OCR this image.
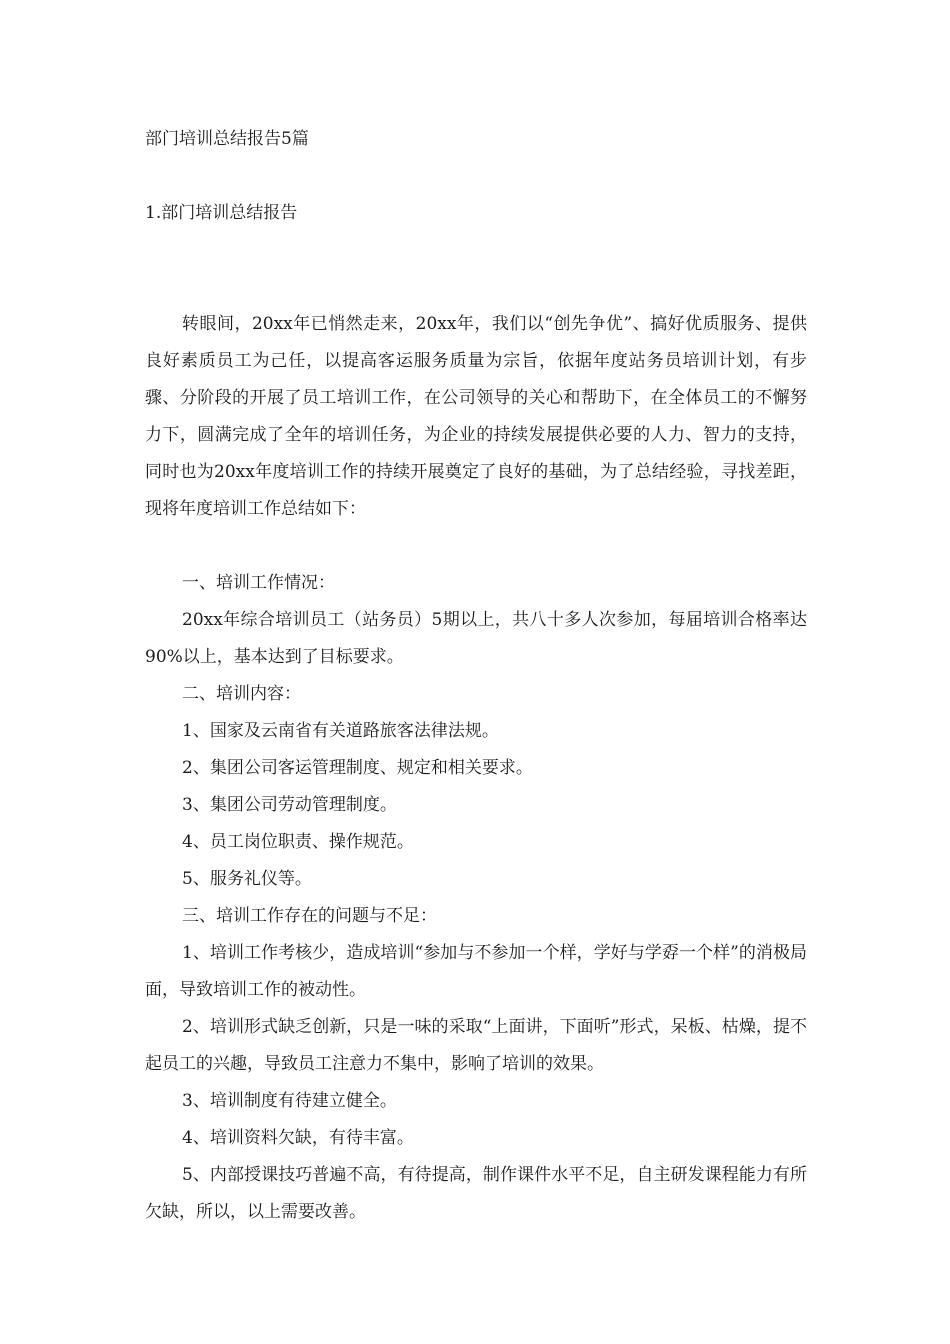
部门培训总结报告5篇
1.部门培训总结报告

转眼间，20xx年已悄然走来，20xx年，我们以“创先争优”、搞好优质服务、提供良好素质员工为己任，以提高客运服务质量为宗旨，依据年度站务员培训计划，有步骤、分阶段的开展了员工培训工作，在公司领导的关心和帮助下，在全体员工的不懈努力下，圆满完成了全年的培训任务，为企业的持续发展提供必要的人力、智力的支持，同时也为20xx年度培训工作的持续开展奠定了良好的基础，为了总结经验，寻找差距，现将年度培训工作总结如下：

一、培训工作情况：

20xx年综合培训员工（站务员）5期以上，共八十多人次参加，每届培训合格率达90%以上，基本达到了目标要求。

二、培训内容：

1、国家及云南省有关道路旅客法律法规。

2、集团公司客运管理制度、规定和相关要求。

3、集团公司劳动管理制度。

4、员工岗位职责、操作规范。

5、服务礼仪等。

三、培训工作存在的问题与不足：

1、培训工作考核少，造成培训“参加与不参加一个样，学好与学孬一个样”的消极局面，导致培训工作的被动性。

2、培训形式缺乏创新，只是一味的采取“上面讲，下面听”形式，呆板、枯燥，提不起员工的兴趣，导致员工注意力不集中，影响了培训的效果。

3、培训制度有待建立健全。

4、培训资料欠缺，有待丰富。

5、内部授课技巧普遍不高，有待提高，制作课件水平不足，自主研发课程能力有所欠缺，所以，以上需要改善。
